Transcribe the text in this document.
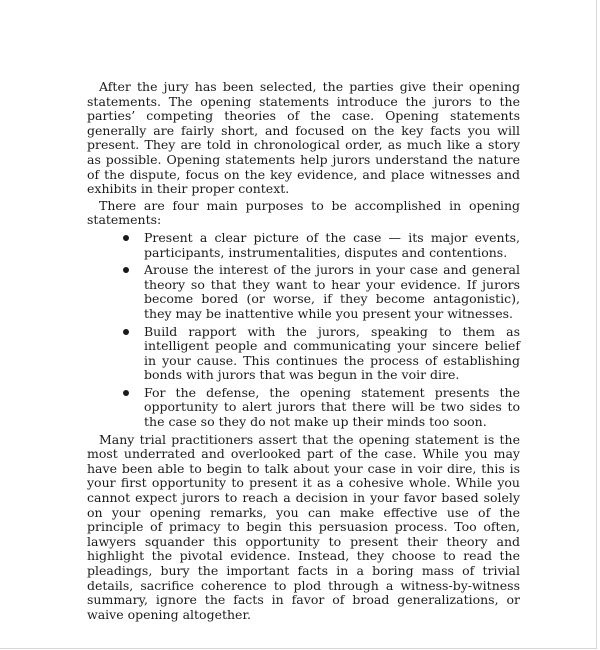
After the jury has been selected, the parties give their opening statements. The opening statements introduce the jurors to the parties’ competing theories of the case. Opening statements generally are fairly short, and focused on the key facts you will present. They are told in chronological order, as much like a story as possible. Opening statements help jurors understand the nature of the dispute, focus on the key evidence, and place witnesses and exhibits in their proper context.

There are four main purposes to be accomplished in opening statements:

Present a clear picture of the case — its major events, participants, instrumentalities, disputes and contentions.
Arouse the interest of the jurors in your case and general theory so that they want to hear your evidence. If jurors become bored (or worse, if they become antagonistic), they may be inattentive while you present your witnesses.
Build rapport with the jurors, speaking to them as intelligent people and communicating your sincere belief in your cause. This continues the process of establishing bonds with jurors that was begun in the voir dire.
For the defense, the opening statement presents the opportunity to alert jurors that there will be two sides to the case so they do not make up their minds too soon.

Many trial practitioners assert that the opening statement is the most underrated and overlooked part of the case. While you may have been able to begin to talk about your case in voir dire, this is your first opportunity to present it as a cohesive whole. While you cannot expect jurors to reach a decision in your favor based solely on your opening remarks, you can make effective use of the principle of primacy to begin this persuasion process. Too often, lawyers squander this opportunity to present their theory and highlight the pivotal evidence. Instead, they choose to read the pleadings, bury the important facts in a boring mass of trivial details, sacrifice coherence to plod through a witness-by-witness summary, ignore the facts in favor of broad generalizations, or waive opening altogether.
